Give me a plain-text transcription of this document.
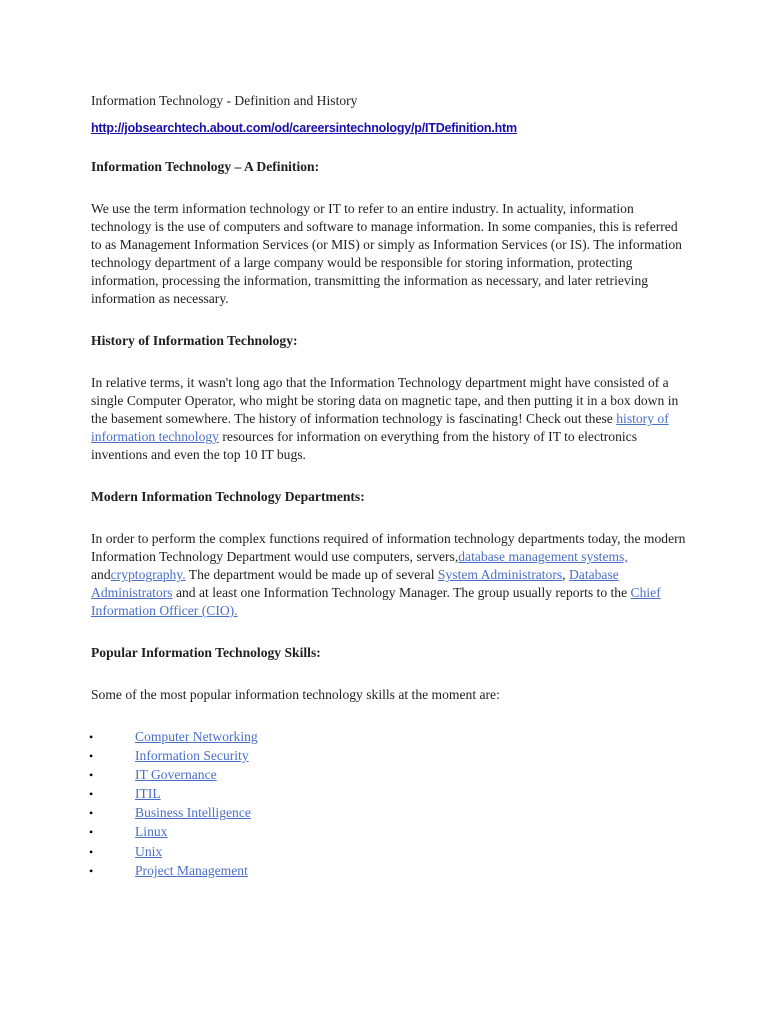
Information Technology - Definition and History
http://jobsearchtech.about.com/od/careersintechnology/p/ITDefinition.htm
Information Technology – A Definition:

We use the term information technology or IT to refer to an entire industry. In actuality, information technology is the use of computers and software to manage information. In some companies, this is referred to as Management Information Services (or MIS) or simply as Information Services (or IS). The information technology department of a large company would be responsible for storing information, protecting information, processing the information, transmitting the information as necessary, and later retrieving information as necessary.

History of Information Technology:

In relative terms, it wasn't long ago that the Information Technology department might have consisted of a single Computer Operator, who might be storing data on magnetic tape, and then putting it in a box down in the basement somewhere. The history of information technology is fascinating! Check out these history of information technology resources for information on everything from the history of IT to electronics inventions and even the top 10 IT bugs.

Modern Information Technology Departments:

In order to perform the complex functions required of information technology departments today, the modern Information Technology Department would use computers, servers,database management systems, andcryptography. The department would be made up of several System Administrators, Database Administrators and at least one Information Technology Manager. The group usually reports to the Chief Information Officer (CIO).

Popular Information Technology Skills:

Some of the most popular information technology skills at the moment are:

•	Computer Networking
•	Information Security
•	IT Governance
•	ITIL
•	Business Intelligence
•	Linux
•	Unix
•	Project Management
